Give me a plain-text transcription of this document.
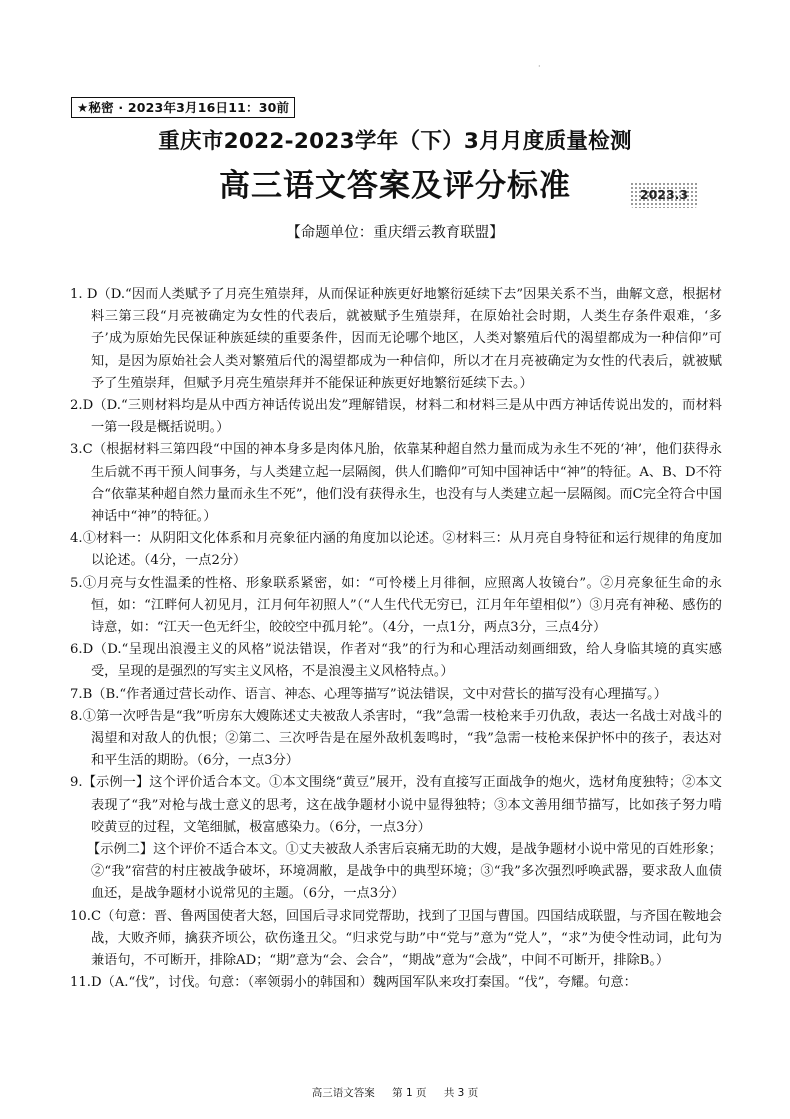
·
★秘密 · 2023年3月16日11：30前
重庆市2022-2023学年（下）3月月度质量检测
高三语文答案及评分标准	2023.3
【命题单位：重庆缙云教育联盟】

1. D（D.“因而人类赋予了月亮生殖崇拜，从而保证种族更好地繁衍延续下去”因果关系不当，曲解文意，根据材料三第三段“月亮被确定为女性的代表后，就被赋予生殖崇拜，在原始社会时期，人类生存条件艰难，‘多子’成为原始先民保证种族延续的重要条件，因而无论哪个地区，人类对繁殖后代的渴望都成为一种信仰”可知，是因为原始社会人类对繁殖后代的渴望都成为一种信仰，所以才在月亮被确定为女性的代表后，就被赋予了生殖崇拜，但赋予月亮生殖崇拜并不能保证种族更好地繁衍延续下去。）

2.D（D.“三则材料均是从中西方神话传说出发”理解错误，材料二和材料三是从中西方神话传说出发的，而材料一第一段是概括说明。）

3.C（根据材料三第四段“中国的神本身多是肉体凡胎，依靠某种超自然力量而成为永生不死的‘神’，他们获得永生后就不再干预人间事务，与人类建立起一层隔阂，供人们瞻仰”可知中国神话中“神”的特征。A、B、D不符合“依靠某种超自然力量而永生不死”，他们没有获得永生，也没有与人类建立起一层隔阂。而C完全符合中国神话中“神”的特征。）

4.①材料一：从阴阳文化体系和月亮象征内涵的角度加以论述。②材料三：从月亮自身特征和运行规律的角度加以论述。（4分，一点2分）

5.①月亮与女性温柔的性格、形象联系紧密，如：“可怜楼上月徘徊，应照离人妆镜台”。②月亮象征生命的永恒，如：“江畔何人初见月，江月何年初照人”（“人生代代无穷已，江月年年望相似”）③月亮有神秘、感伤的诗意，如：“江天一色无纤尘，皎皎空中孤月轮”。（4分，一点1分，两点3分，三点4分）

6.D（D.“呈现出浪漫主义的风格”说法错误，作者对“我”的行为和心理活动刻画细致，给人身临其境的真实感受，呈现的是强烈的写实主义风格，不是浪漫主义风格特点。）

7.B（B.“作者通过营长动作、语言、神态、心理等描写”说法错误，文中对营长的描写没有心理描写。）

8.①第一次呼告是“我”听房东大嫂陈述丈夫被敌人杀害时，“我”急需一枝枪来手刃仇敌，表达一名战士对战斗的渴望和对敌人的仇恨；②第二、三次呼告是在屋外敌机轰鸣时，“我”急需一枝枪来保护怀中的孩子，表达对和平生活的期盼。（6分，一点3分）

9.【示例一】这个评价适合本文。①本文围绕“黄豆”展开，没有直接写正面战争的炮火，选材角度独特；②本文表现了“我”对枪与战士意义的思考，这在战争题材小说中显得独特；③本文善用细节描写，比如孩子努力啃咬黄豆的过程，文笔细腻，极富感染力。（6分，一点3分）

【示例二】这个评价不适合本文。①丈夫被敌人杀害后哀痛无助的大嫂，是战争题材小说中常见的百姓形象；②“我”宿营的村庄被战争破坏，环境凋敝，是战争中的典型环境；③“我”多次强烈呼唤武器，要求敌人血债血还，是战争题材小说常见的主题。（6分，一点3分）

10.C（句意：晋、鲁两国使者大怒，回国后寻求同党帮助，找到了卫国与曹国。四国结成联盟，与齐国在鞍地会战，大败齐师，擒获齐顷公，砍伤逢丑父。“归求党与助”中“党与”意为“党人”，“求”为使令性动词，此句为兼语句，不可断开，排除AD；“期”意为“会、会合”，“期战”意为“会战”，中间不可断开，排除B。）

11.D（A.“伐”，讨伐。句意：（率领弱小的韩国和）魏两国军队来攻打秦国。“伐”，夸耀。句意：

高三语文答案 第 1 页 共 3 页
